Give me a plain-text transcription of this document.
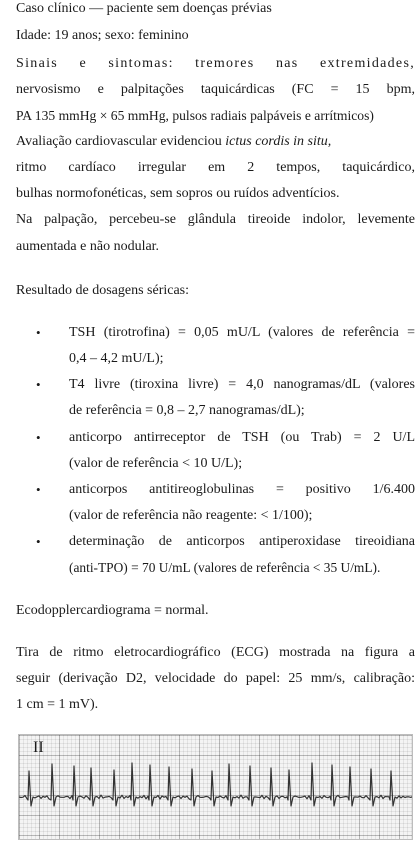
Caso clínico — paciente sem doenças prévias
Idade: 19 anos; sexo: feminino
Sinais e sintomas: tremores nas extremidades,
nervosismo e palpitações taquicárdicas (FC = 15 bpm,
PA 135 mmHg × 65 mmHg, pulsos radiais palpáveis e arrítmicos)
Avaliação cardiovascular evidenciou ictus cordis in situ,
ritmo cardíaco irregular em 2 tempos, taquicárdico,
bulhas normofonéticas, sem sopros ou ruídos adventícios.
Na palpação, percebeu-se glândula tireoide indolor, levemente
aumentada e não nodular.
Resultado de dosagens séricas:
• TSH (tirotrofina) = 0,05 mU/L (valores de referência =
0,4 – 4,2 mU/L);
• T4 livre (tiroxina livre) = 4,0 nanogramas/dL (valores
de referência = 0,8 – 2,7 nanogramas/dL);
• anticorpo antirreceptor de TSH (ou Trab) = 2 U/L
(valor de referência < 10 U/L);
• anticorpos antitireoglobulinas = positivo 1/6.400
(valor de referência não reagente: < 1/100);
• determinação de anticorpos antiperoxidase tireoidiana
(anti-TPO) = 70 U/mL (valores de referência < 35 U/mL).
Ecodopplercardiograma = normal.
Tira de ritmo eletrocardiográfico (ECG) mostrada na figura a
seguir (derivação D2, velocidade do papel: 25 mm/s, calibração:
1 cm = 1 mV).
II
